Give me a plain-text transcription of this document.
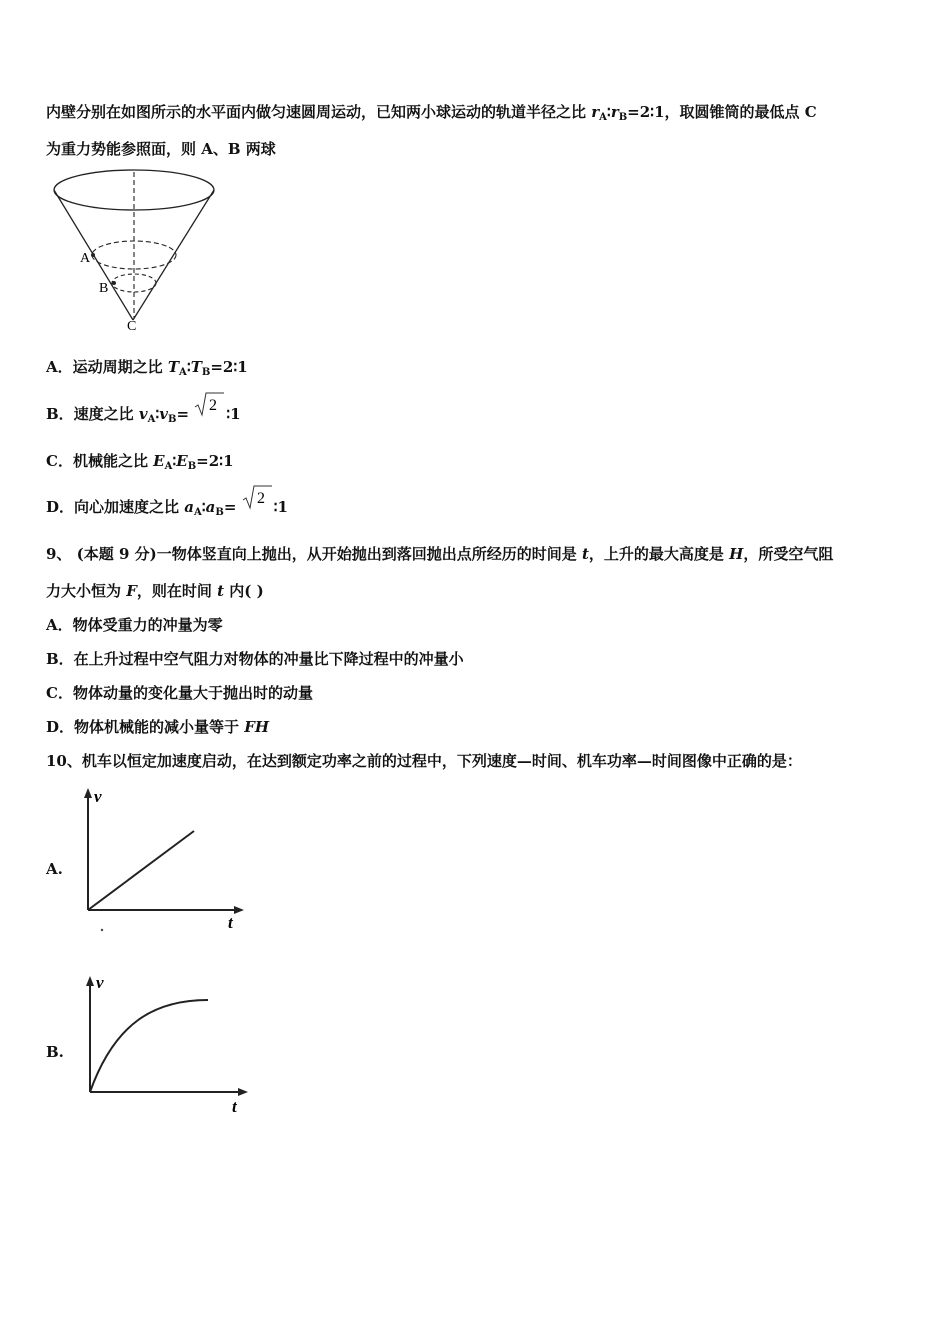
内壁分别在如图所示的水平面内做匀速圆周运动，已知两小球运动的轨道半径之比 $r_A∶r_B=2∶1$，取圆锥筒的最低点 C
为重力势能参照面，则 A、B 两球
A
B
C
A．运动周期之比 $T_A∶T_B=2∶1$
B．速度之比 $v_A∶v_B= 2$ ∶1
C．机械能之比 $E_A∶E_B=2∶1$
D．向心加速度之比 $a_A∶a_B= 2$ ∶1
9、 (本题 9 分)一物体竖直向上抛出，从开始抛出到落回抛出点所经历的时间是 t，上升的最大高度是 H，所受空气阻
力大小恒为 F，则在时间 t 内( )
A．物体受重力的冲量为零
B．在上升过程中空气阻力对物体的冲量比下降过程中的冲量小
C．物体动量的变化量大于抛出时的动量
D．物体机械能的减小量等于 FH
10、机车以恒定加速度启动，在达到额定功率之前的过程中，下列速度—时间、机车功率—时间图像中正确的是：
A.
v
t
B.
v
t
